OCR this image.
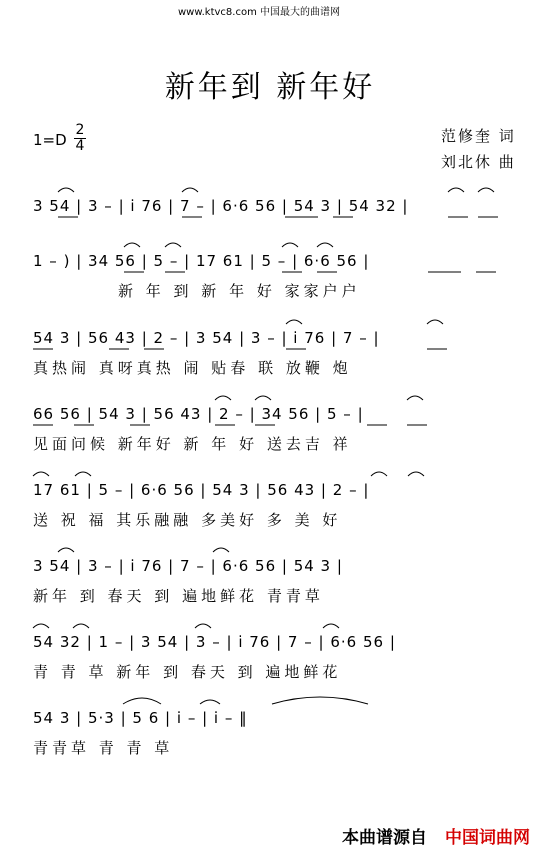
www.ktvc8.com 中国最大的曲谱网
新年到 新年好
1=D
2
4
范修奎 词
刘北休 曲
3 54 | 3 – | i̇ 76 | 7 – | 6·6 56 | 54 3 | 54 32 |
1 – ) | 34 56 | 5 – | 17 61 | 5 – | 6·6 56 |
新 年 到 新 年 好 家家户户
54 3 | 56 43 | 2 – | 3 54 | 3 – | i̇ 76 | 7 – |
真热闹 真呀真热 闹 贴春 联 放鞭 炮
66 56 | 54 3 | 56 43 | 2 – | 34 56 | 5 – |
见面问候 新年好 新 年 好 送去吉 祥
17 61 | 5 – | 6·6 56 | 54 3 | 56 43 | 2 – |
送 祝 福 其乐融融 多美好 多 美 好
3 54 | 3 – | i̇ 76 | 7 – | 6·6 56 | 54 3 |
新年 到 春天 到 遍地鲜花 青青草
54 32 | 1 – | 3 54 | 3 – | i̇ 76 | 7 – | 6·6 56 |
青 青 草 新年 到 春天 到 遍地鲜花
54 3 | 5·3 | 5 6 | i̇ – | i̇ – ‖
青青草 青 青 草
本曲谱源自 中国词曲网
